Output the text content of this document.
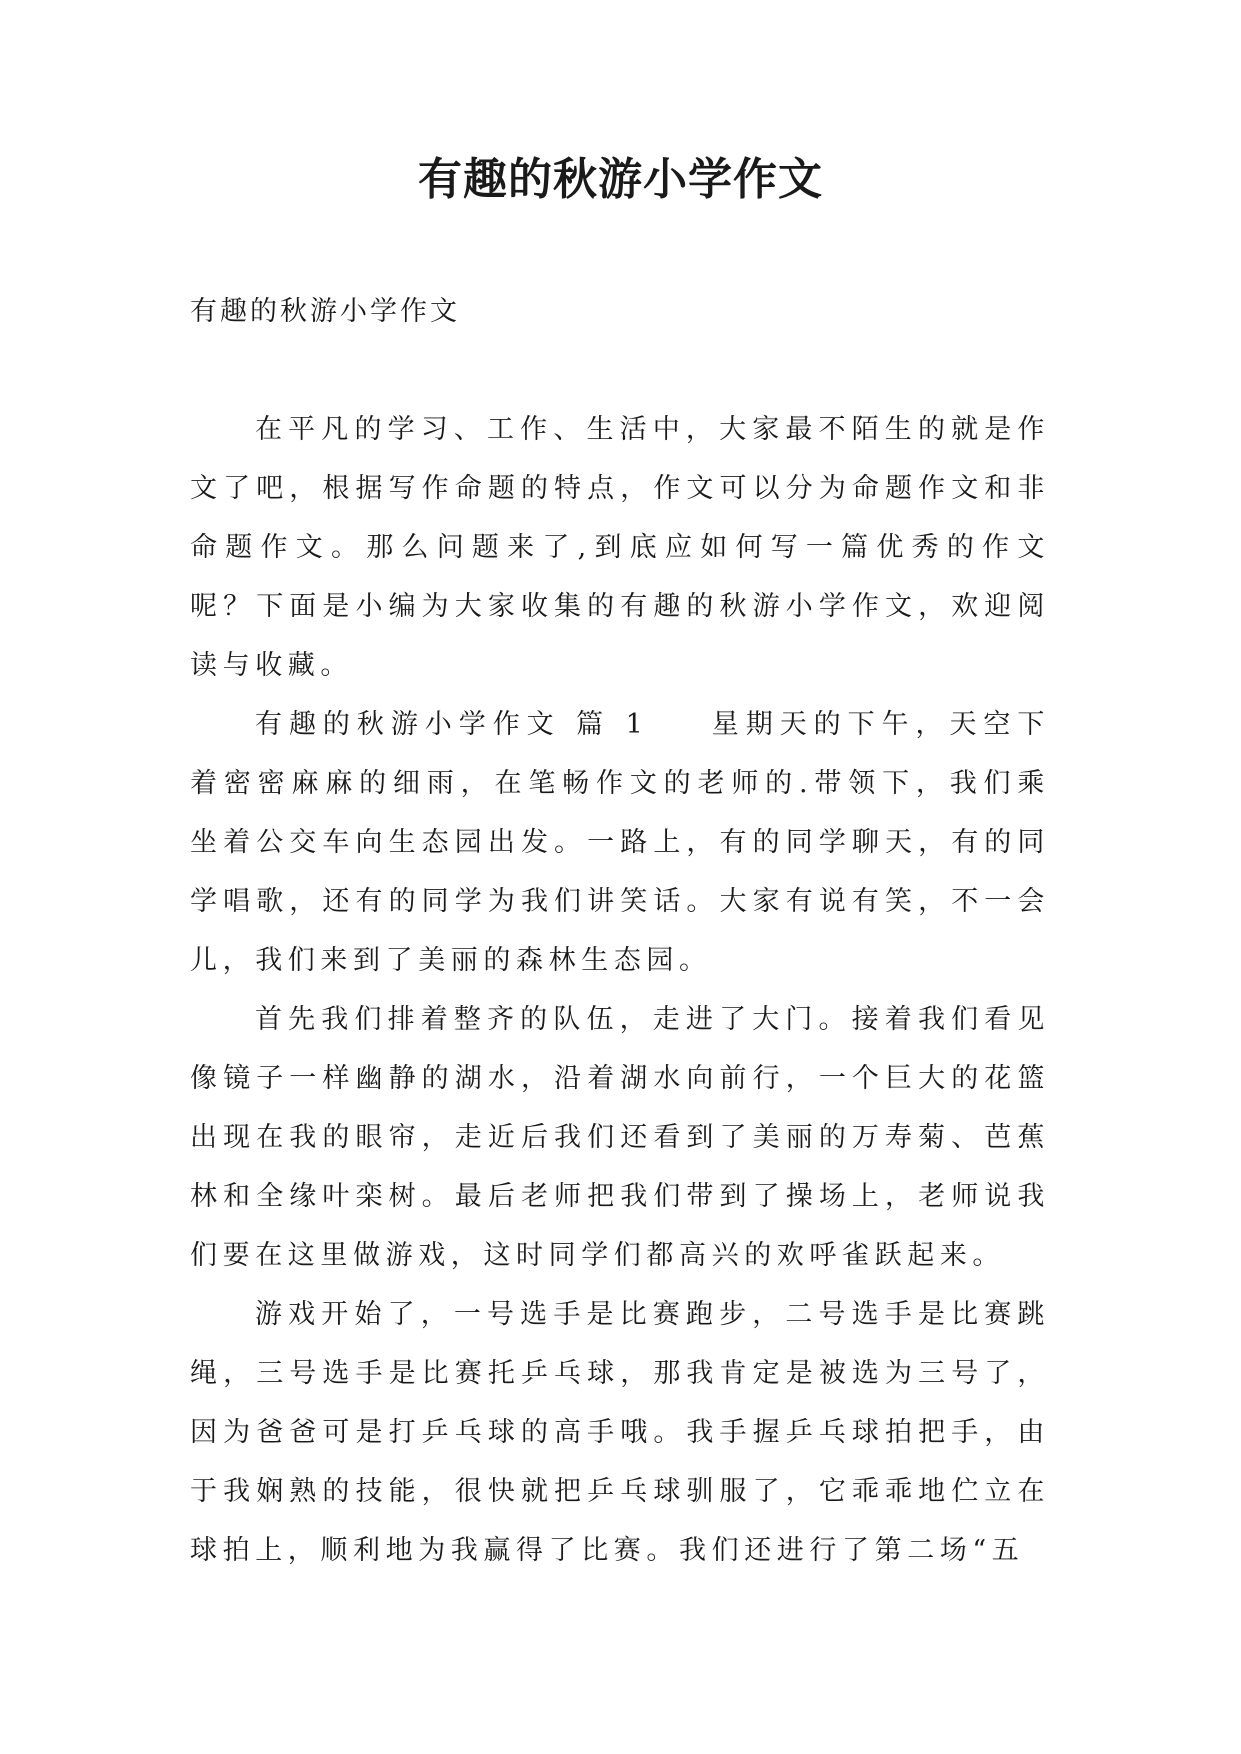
有趣的秋游小学作文

有趣的秋游小学作文

在平凡的学习、工作、生活中，大家最不陌生的就是作文了吧，根据写作命题的特点，作文可以分为命题作文和非命题作文。那么问题来了,到底应如何写一篇优秀的作文呢？下面是小编为大家收集的有趣的秋游小学作文，欢迎阅读与收藏。

有趣的秋游小学作文 篇 1 星期天的下午，天空下着密密麻麻的细雨，在笔畅作文的老师的.带领下，我们乘坐着公交车向生态园出发。一路上，有的同学聊天，有的同学唱歌，还有的同学为我们讲笑话。大家有说有笑，不一会儿，我们来到了美丽的森林生态园。

首先我们排着整齐的队伍，走进了大门。接着我们看见像镜子一样幽静的湖水，沿着湖水向前行，一个巨大的花篮出现在我的眼帘，走近后我们还看到了美丽的万寿菊、芭蕉林和全缘叶栾树。最后老师把我们带到了操场上，老师说我们要在这里做游戏，这时同学们都高兴的欢呼雀跃起来。

游戏开始了，一号选手是比赛跑步，二号选手是比赛跳绳，三号选手是比赛托乒乓球，那我肯定是被选为三号了，因为爸爸可是打乒乓球的高手哦。我手握乒乓球拍把手，由于我娴熟的技能，很快就把乒乓球驯服了，它乖乖地伫立在球拍上，顺利地为我赢得了比赛。我们还进行了第二场“五
